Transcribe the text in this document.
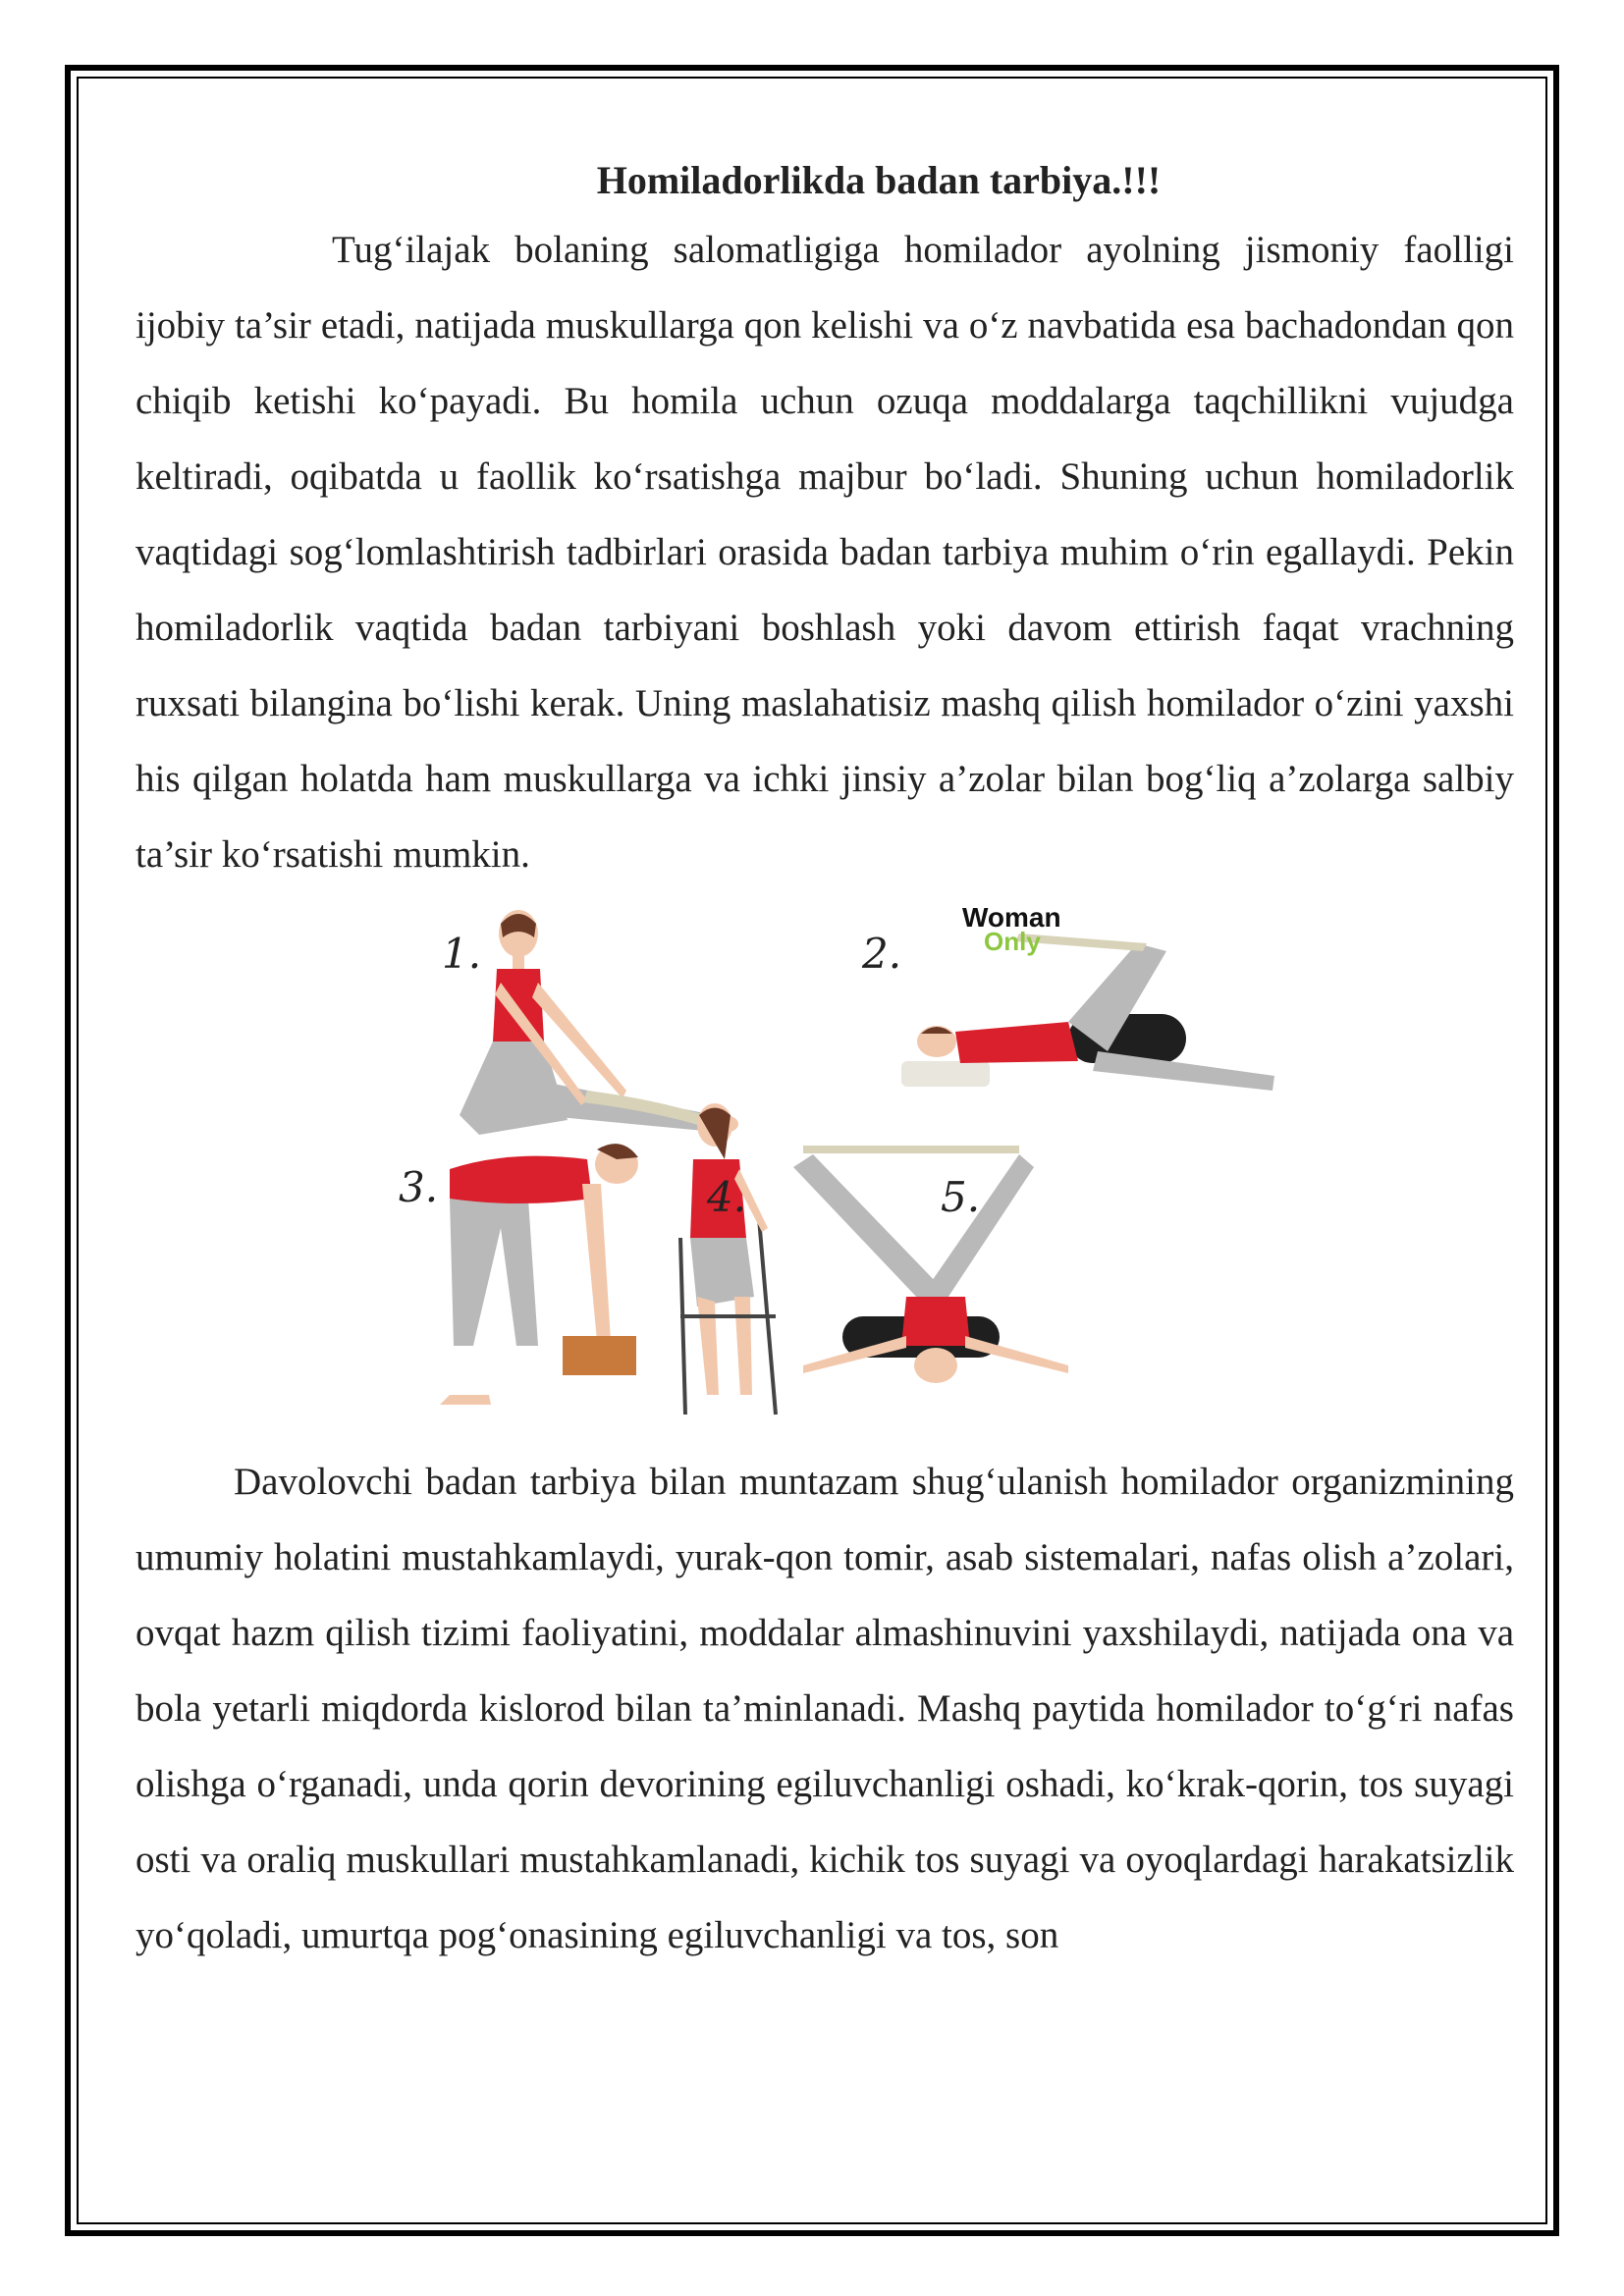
Homiladorlikda badan tarbiya.!!!

Tug‘ilajak bolaning salomatligiga homilador ayolning jismoniy faolligi ijobiy ta’sir etadi, natijada muskullarga qon kelishi va o‘z navbatida esa bachadondan qon chiqib ketishi ko‘payadi. Bu homila uchun ozuqa moddalarga taqchillikni vujudga keltiradi, oqibatda u faollik ko‘rsatishga majbur bo‘ladi. Shuning uchun homiladorlik vaqtidagi sog‘lomlashtirish tadbirlari orasida badan tarbiya muhim o‘rin egallaydi. Pekin homiladorlik vaqtida badan tarbiyani boshlash yoki davom ettirish faqat vrachning ruxsati bilangina bo‘lishi kerak. Uning maslahatisiz mashq qilish homilador o‘zini yaxshi his qilgan holatda ham muskullarga va ichki jinsiy a’zolar bilan bog‘liq a’zolarga salbiy ta’sir ko‘rsatishi mumkin.

1.	2.
3.	4.	5.
Woman
Only

Davolovchi badan tarbiya bilan muntazam shug‘ulanish homilador organizmining umumiy holatini mustahkamlaydi, yurak-qon tomir, asab sistemalari, nafas olish a’zolari, ovqat hazm qilish tizimi faoliyatini, moddalar almashinuvini yaxshilaydi, natijada ona va bola yetarli miqdorda kislorod bilan ta’minlanadi. Mashq paytida homilador to‘g‘ri nafas olishga o‘rganadi, unda qorin devorining egiluvchanligi oshadi, ko‘krak-qorin, tos suyagi osti va oraliq muskullari mustahkamlanadi, kichik tos suyagi va oyoqlardagi harakatsizlik yo‘qoladi, umurtqa pog‘onasining egiluvchanligi va tos, son
